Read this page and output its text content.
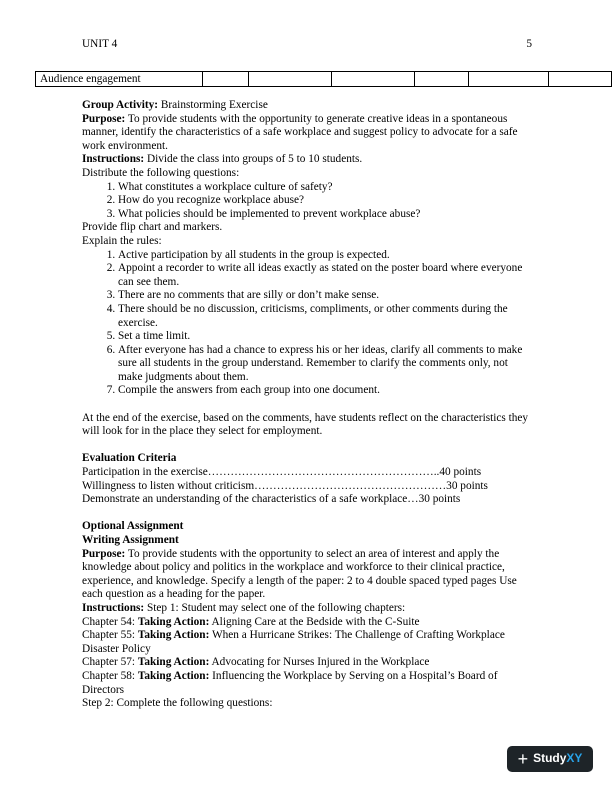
UNIT 4	5
Audience engagement						

Group Activity: Brainstorming Exercise

Purpose: To provide students with the opportunity to generate creative ideas in a spontaneous manner, identify the characteristics of a safe workplace and suggest policy to advocate for a safe work environment.

Instructions: Divide the class into groups of 5 to 10 students.

Distribute the following questions:

1. What constitutes a workplace culture of safety?
2. How do you recognize workplace abuse?
3. What policies should be implemented to prevent workplace abuse?

Provide flip chart and markers.

Explain the rules:

1. Active participation by all students in the group is expected.
2. Appoint a recorder to write all ideas exactly as stated on the poster board where everyone can see them.
3. There are no comments that are silly or don’t make sense.
4. There should be no discussion, criticisms, compliments, or other comments during the exercise.
5. Set a time limit.
6. After everyone has had a chance to express his or her ideas, clarify all comments to make sure all students in the group understand. Remember to clarify the comments only, not make judgments about them.
7. Compile the answers from each group into one document.

At the end of the exercise, based on the comments, have students reflect on the characteristics they will look for in the place they select for employment.

Evaluation Criteria

Participation in the exercise……………………………………………………..40 points

Willingness to listen without criticism……………………………………………30 points

Demonstrate an understanding of the characteristics of a safe workplace…30 points

Optional Assignment

Writing Assignment

Purpose: To provide students with the opportunity to select an area of interest and apply the knowledge about policy and politics in the workplace and workforce to their clinical practice, experience, and knowledge. Specify a length of the paper: 2 to 4 double spaced typed pages Use each question as a heading for the paper.

Instructions: Step 1: Student may select one of the following chapters:

Chapter 54: Taking Action: Aligning Care at the Bedside with the C-Suite

Chapter 55: Taking Action: When a Hurricane Strikes: The Challenge of Crafting Workplace Disaster Policy

Chapter 57: Taking Action: Advocating for Nurses Injured in the Workplace

Chapter 58: Taking Action: Influencing the Workplace by Serving on a Hospital’s Board of Directors

Step 2: Complete the following questions:

+ Study XY
